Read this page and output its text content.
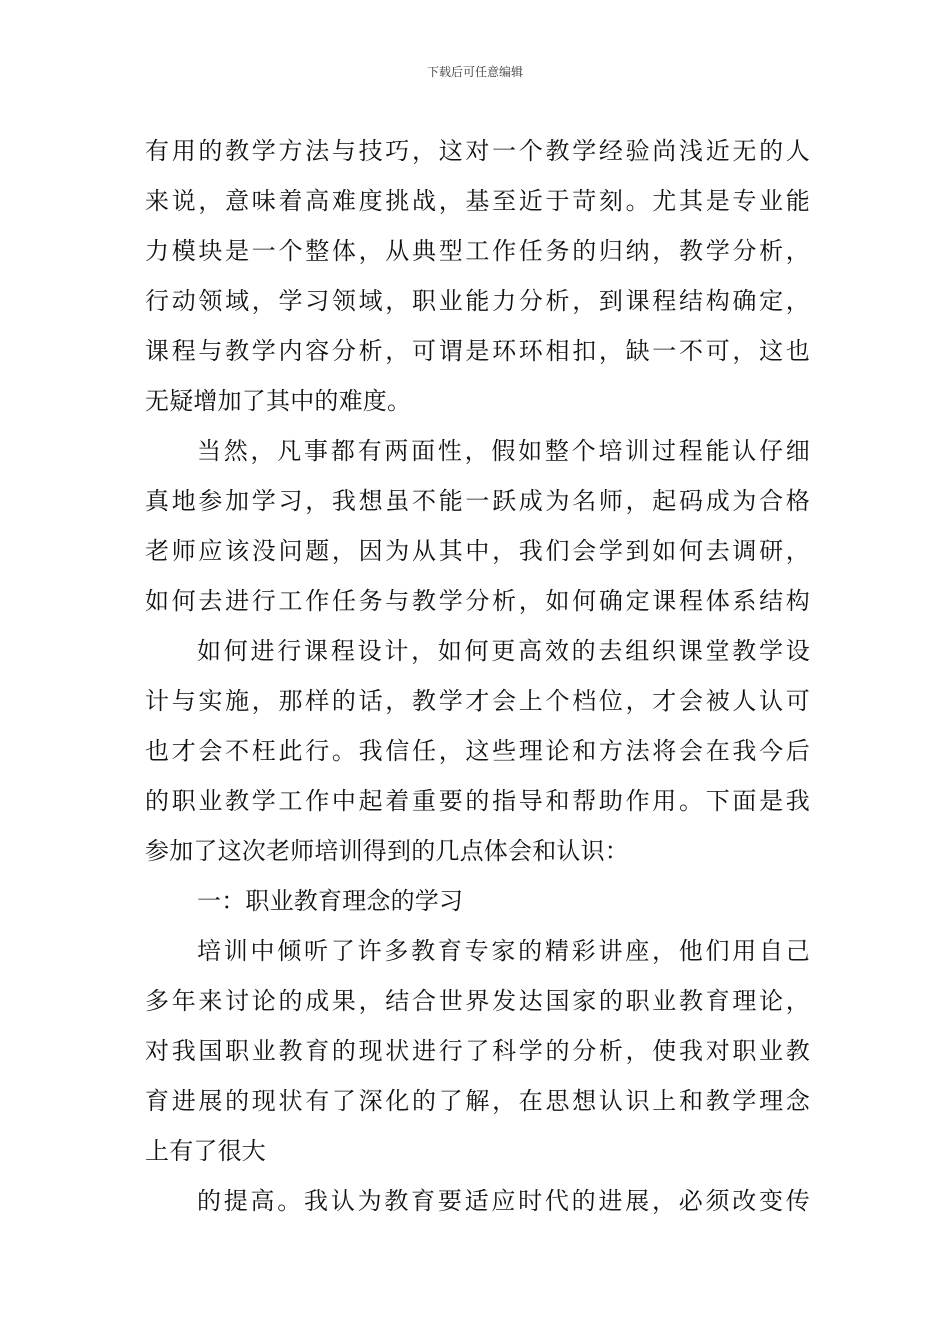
下载后可任意编辑
有用的教学方法与技巧，这对一个教学经验尚浅近无的人
来说，意味着高难度挑战，基至近于苛刻。尤其是专业能
力模块是一个整体，从典型工作任务的归纳，教学分析，
行动领域，学习领域，职业能力分析，到课程结构确定，
课程与教学内容分析，可谓是环环相扣，缺一不可，这也
无疑增加了其中的难度。
当然，凡事都有两面性，假如整个培训过程能认仔细
真地参加学习，我想虽不能一跃成为名师，起码成为合格
老师应该没问题，因为从其中，我们会学到如何去调研，
如何去进行工作任务与教学分析，如何确定课程体系结构
如何进行课程设计，如何更高效的去组织课堂教学设
计与实施，那样的话，教学才会上个档位，才会被人认可
也才会不枉此行。我信任，这些理论和方法将会在我今后
的职业教学工作中起着重要的指导和帮助作用。下面是我
参加了这次老师培训得到的几点体会和认识：
一：职业教育理念的学习
培训中倾听了许多教育专家的精彩讲座，他们用自己
多年来讨论的成果，结合世界发达国家的职业教育理论，
对我国职业教育的现状进行了科学的分析，使我对职业教
育进展的现状有了深化的了解，在思想认识上和教学理念
上有了很大
的提高。我认为教育要适应时代的进展，必须改变传
